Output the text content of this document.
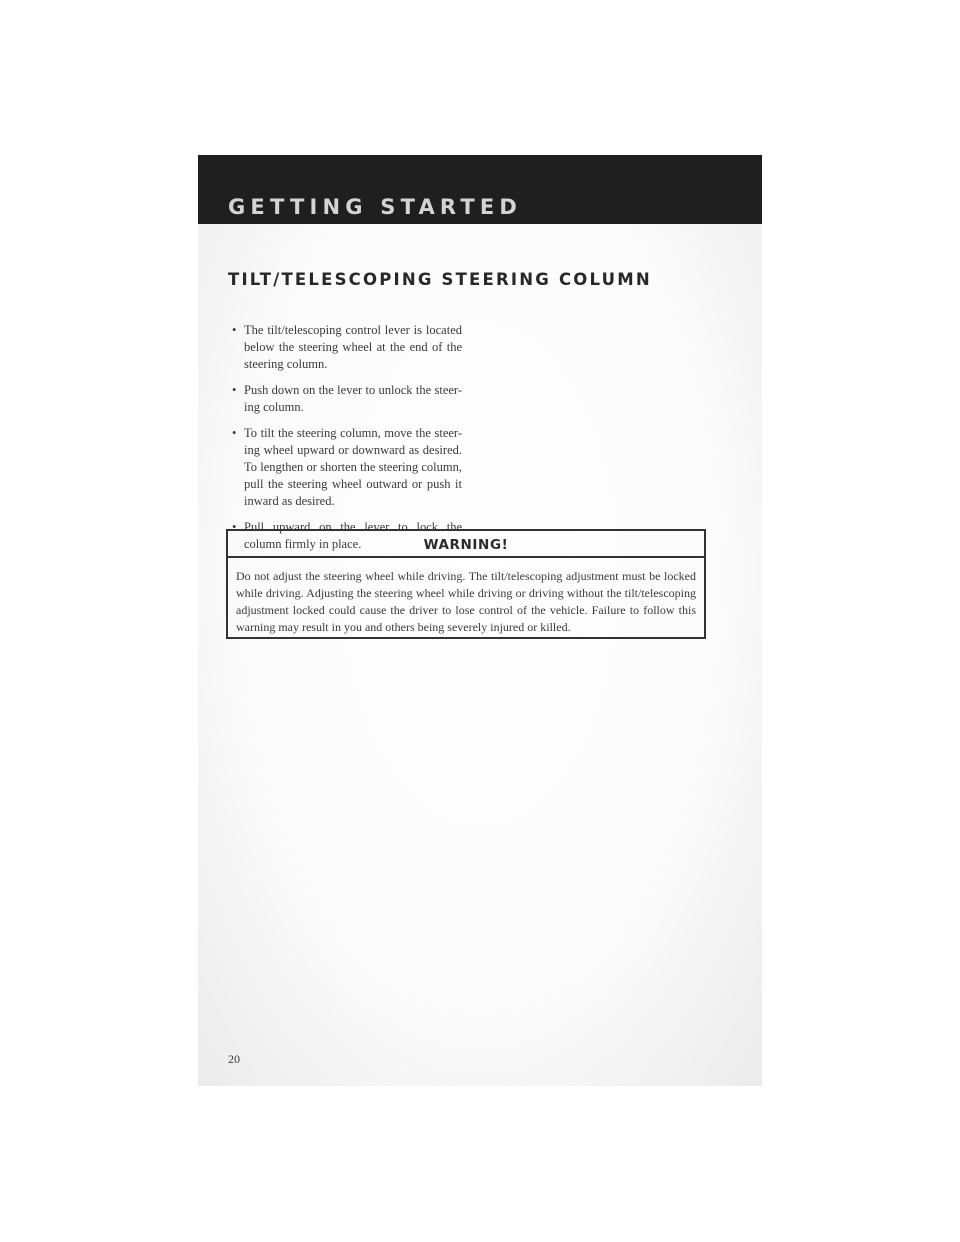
GETTING STARTED
TILT/TELESCOPING STEERING COLUMN
• The tilt/telescoping control lever is located below the steering wheel at the end of the steering column.
• Push down on the lever to unlock the steer- ing column.
• To tilt the steering column, move the steer- ing wheel upward or downward as desired. To lengthen or shorten the steering column, pull the steering wheel outward or push it inward as desired.
• Pull upward on the lever to lock the column firmly in place.	WARNING!
Do not adjust the steering wheel while driving. The tilt/telescoping adjustment must be locked while driving. Adjusting the steering wheel while driving or driving without the tilt/telescoping adjustment locked could cause the driver to lose control of the vehicle. Failure to follow this warning may result in you and others being severely injured or killed.
20
